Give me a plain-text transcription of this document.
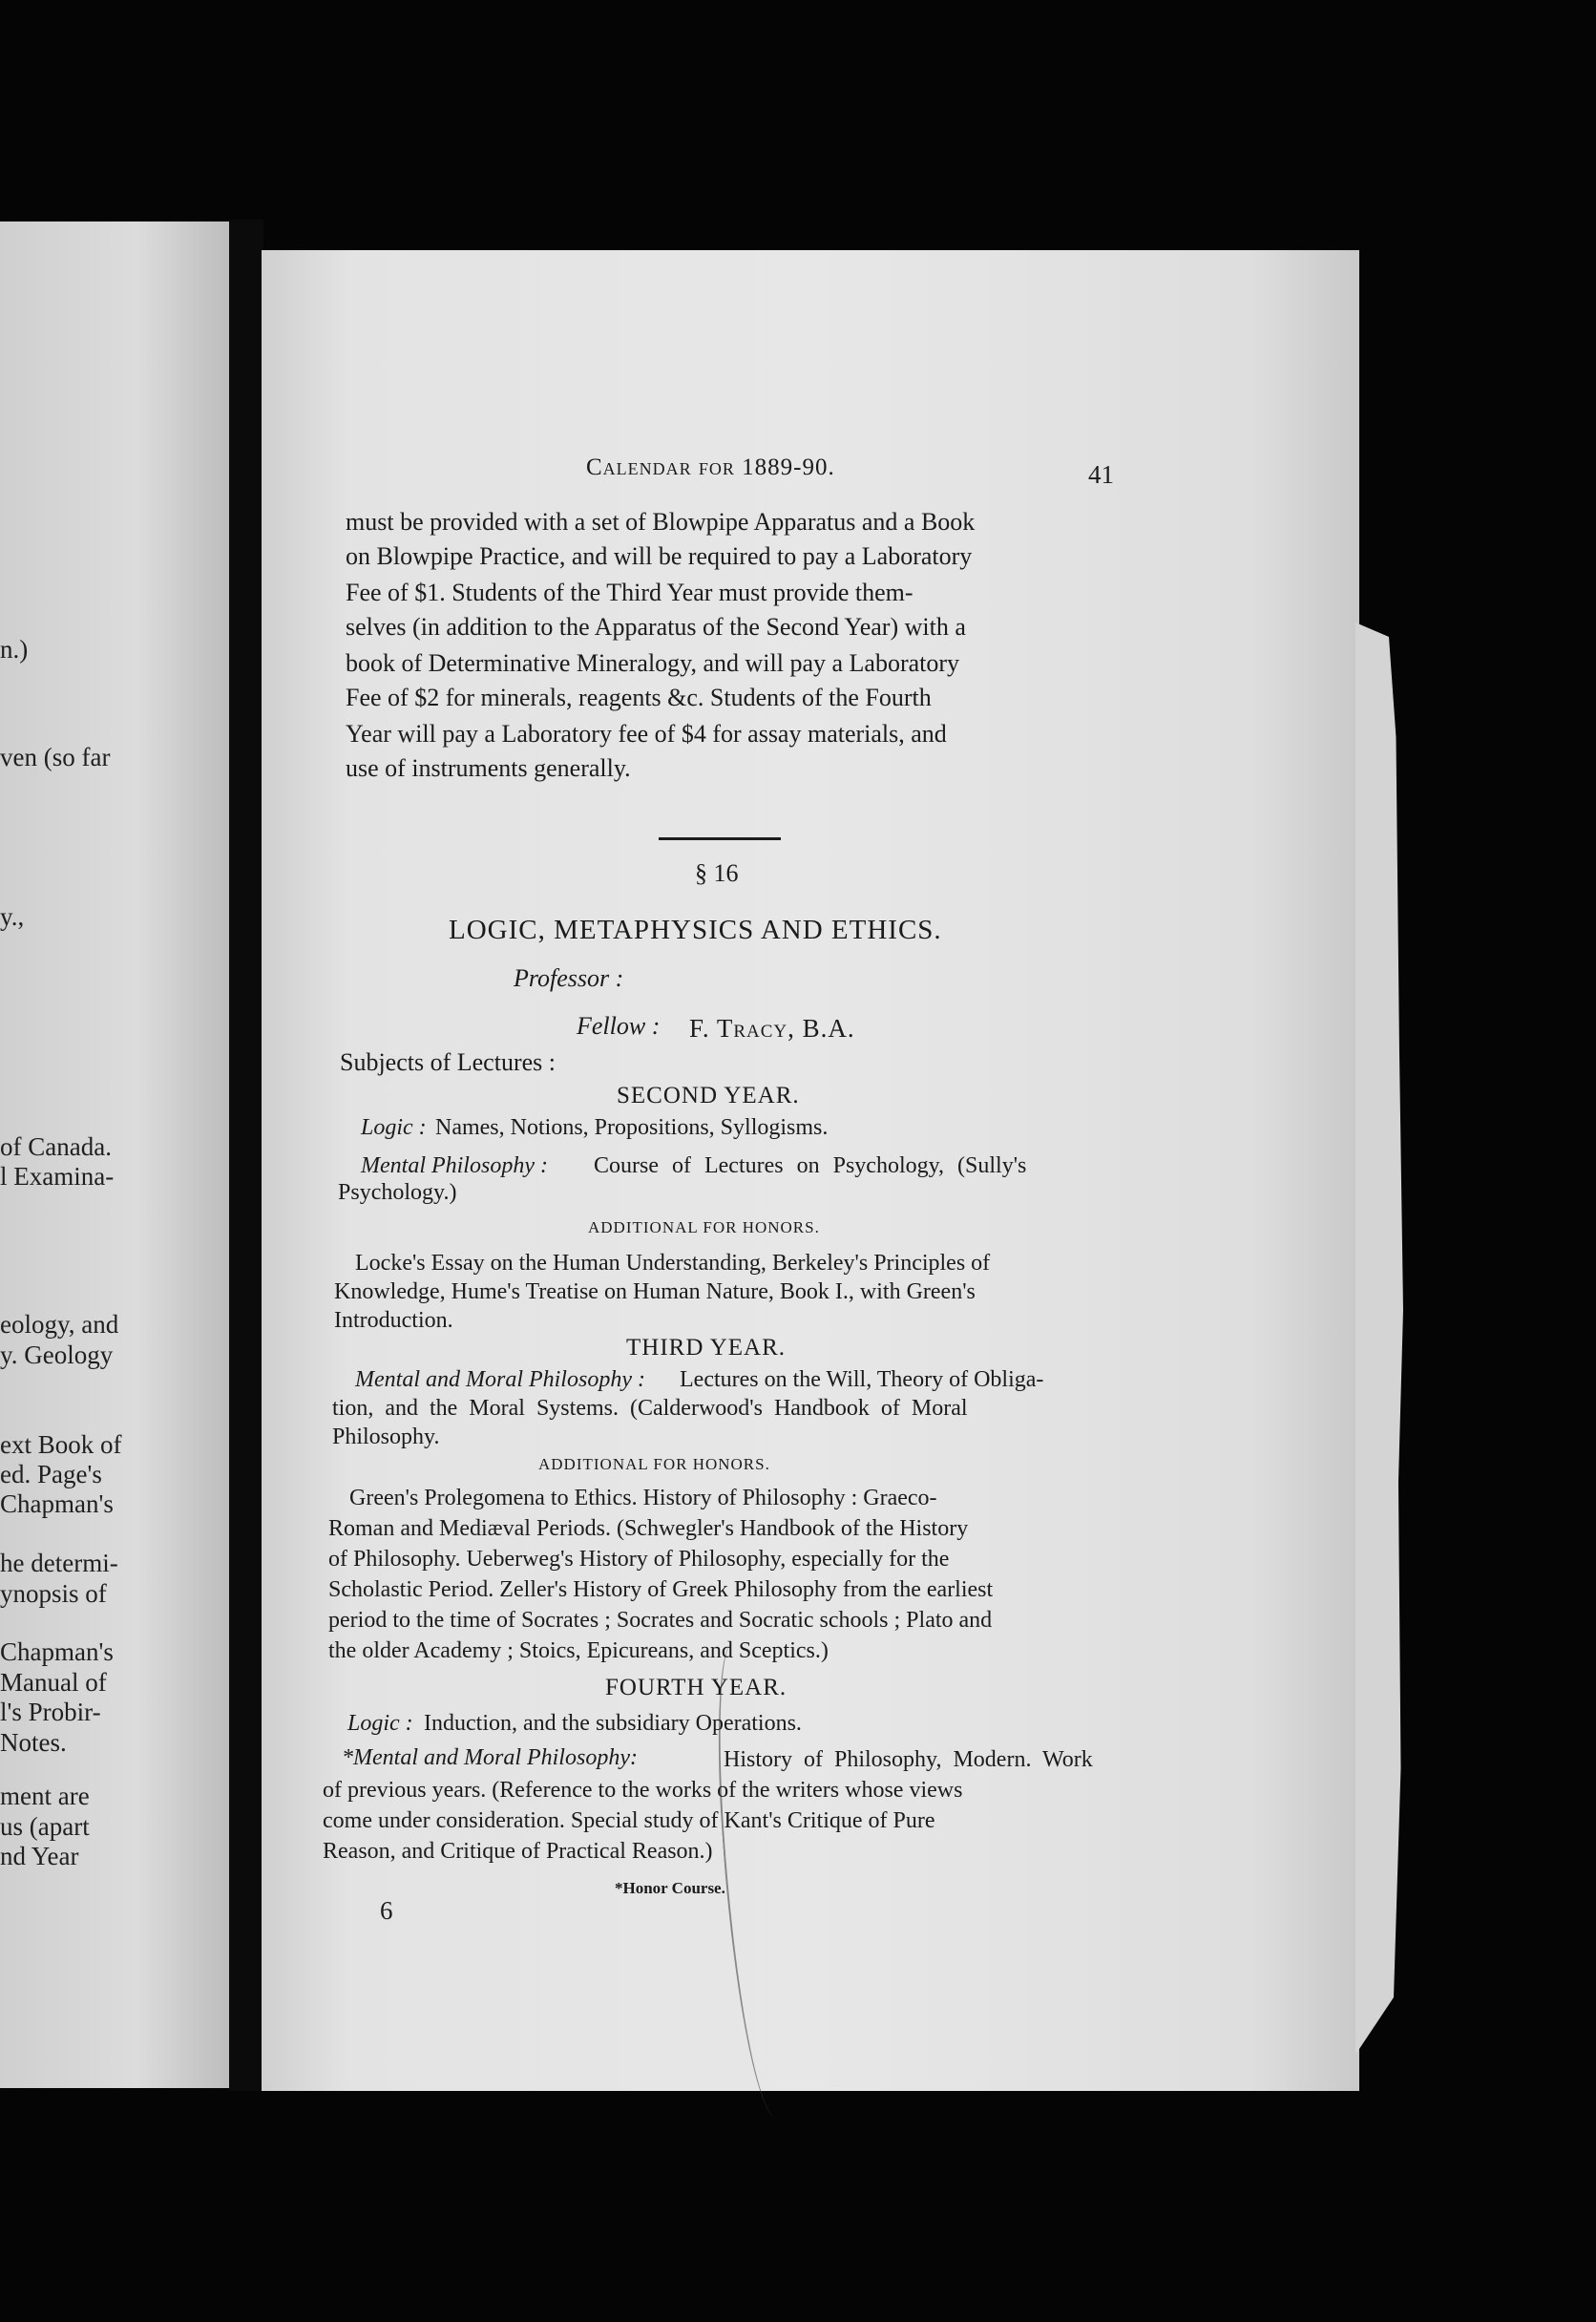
n.)
ven (so far
y.,
of Canada.
l Examina-
eology, and
y. Geology
ext Book of
ed. Page's
Chapman's
he determi-
ynopsis of
Chapman's
Manual of
l's Probir-
Notes.
ment are
us (apart
nd Year
Calendar for 1889-90.	41
must be provided with a set of Blowpipe Apparatus and a Book
on Blowpipe Practice, and will be required to pay a Laboratory
Fee of $1. Students of the Third Year must provide them-
selves (in addition to the Apparatus of the Second Year) with a
book of Determinative Mineralogy, and will pay a Laboratory
Fee of $2 for minerals, reagents &c. Students of the Fourth
Year will pay a Laboratory fee of $4 for assay materials, and
use of instruments generally.
§ 16
LOGIC, METAPHYSICS AND ETHICS.
Professor :
Fellow : F. Tracy, B.A.
Subjects of Lectures :
SECOND YEAR.
Logic : Names, Notions, Propositions, Syllogisms.
Mental Philosophy : Course of Lectures on Psychology, (Sully's
Psychology.)
ADDITIONAL FOR HONORS.
Locke's Essay on the Human Understanding, Berkeley's Principles of
Knowledge, Hume's Treatise on Human Nature, Book I., with Green's
Introduction.
THIRD YEAR.
Mental and Moral Philosophy : Lectures on the Will, Theory of Obliga-
tion, and the Moral Systems. (Calderwood's Handbook of Moral
Philosophy.
ADDITIONAL FOR HONORS.
Green's Prolegomena to Ethics. History of Philosophy : Graeco-
Roman and Mediæval Periods. (Schwegler's Handbook of the History
of Philosophy. Ueberweg's History of Philosophy, especially for the
Scholastic Period. Zeller's History of Greek Philosophy from the earliest
period to the time of Socrates ; Socrates and Socratic schools ; Plato and
the older Academy ; Stoics, Epicureans, and Sceptics.)
FOURTH YEAR.
Logic : Induction, and the subsidiary Operations.
*Mental and Moral Philosophy:	History of Philosophy, Modern. Work
of previous years. (Reference to the works of the writers whose views
come under consideration. Special study of Kant's Critique of Pure
Reason, and Critique of Practical Reason.)
*Honor Course.
6
